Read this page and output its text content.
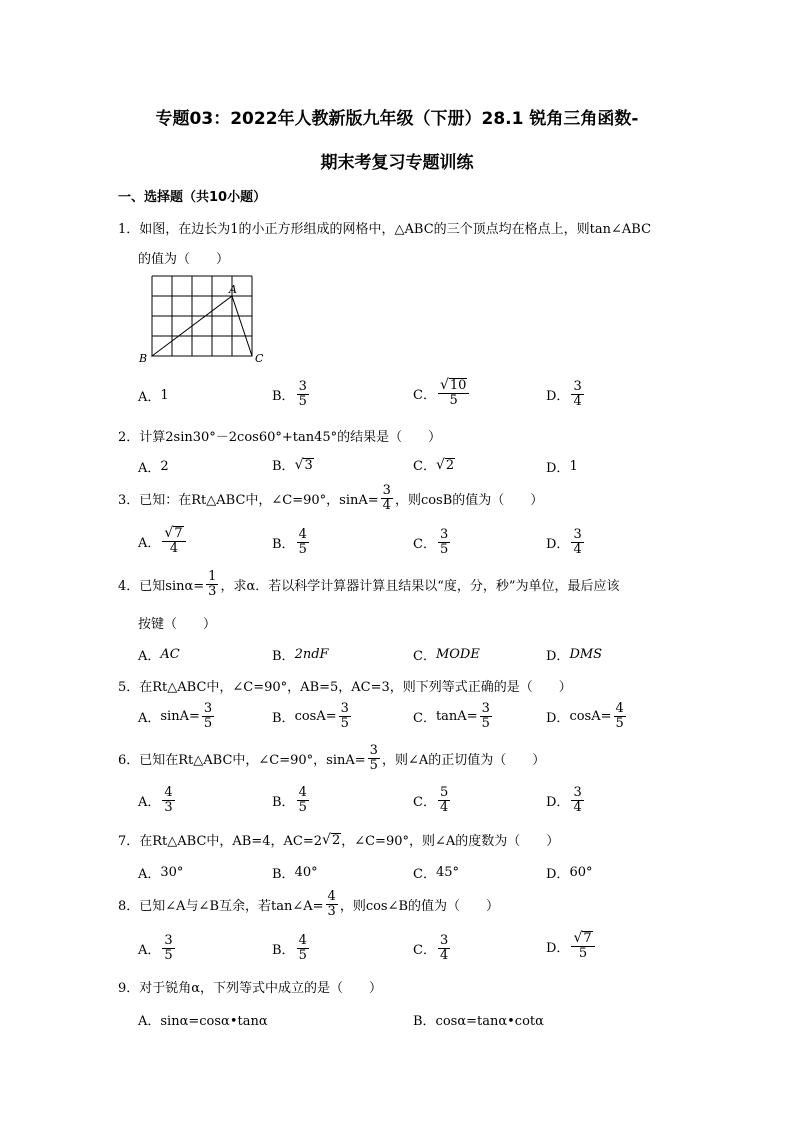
专题03：2022年人教新版九年级（下册）28.1 锐角三角函数-
期末考复习专题训练
一、选择题（共10小题）
1．如图，在边长为1的小正方形组成的网格中，△ABC的三个顶点均在格点上，则tan∠ABC
的值为（　　）
A
B	C
A． 1	B． $\frac{3}{5}$	C． $\frac{√ 10}{5}$	D． $\frac{3}{4}$
2．计算2sin30°－2cos60°+tan45°的结果是（　　）
A． 2	B． √ 3	C． √ 2	D． 1
3．已知：在Rt△ABC中，∠C=90°，$\sin A= \frac{3}{4}$ ，则cosB的值为（　　）
A． $\frac{√ 7}{4}$	B． $\frac{4}{5}$	C． $\frac{3}{5}$	D． $\frac{3}{4}$
4．已知$\sin\alpha= \frac{1}{3}$ ，求α．若以科学计算器计算且结果以“度，分，秒”为单位，最后应该
按键（　　）
A． AC	B． 2ndF	C． MODE	D． DMS
5．在Rt△ABC中，∠C=90°，AB=5，AC=3，则下列等式正确的是（　　）
A． $\sin A= \frac{3}{5}$	B． $\cos A= \frac{3}{5}$	C． $\tan A= \frac{3}{5}$	D． $\cos A= \frac{4}{5}$
6．已知在Rt△ABC中，∠C=90°，$\sin A= \frac{3}{5}$ ，则∠A的正切值为（　　）
A． $\frac{4}{3}$	B． $\frac{4}{5}$	C． $\frac{5}{4}$	D． $\frac{3}{4}$
7．在Rt△ABC中，AB=4，AC=2 √ 2 ，∠C=90°，则∠A的度数为（　　）
A． 30°	B． 40°	C． 45°	D． 60°
8．已知∠A与∠B互余，若tan∠A= $\frac{4}{3}$ ，则cos∠B的值为（　　）
A． $\frac{3}{5}$	B． $\frac{4}{5}$	C． $\frac{3}{4}$	D． $\frac{√ 7}{5}$
9．对于锐角α，下列等式中成立的是（　　）
A．sinα=cosα•tanα	B．cosα=tanα•cotα
